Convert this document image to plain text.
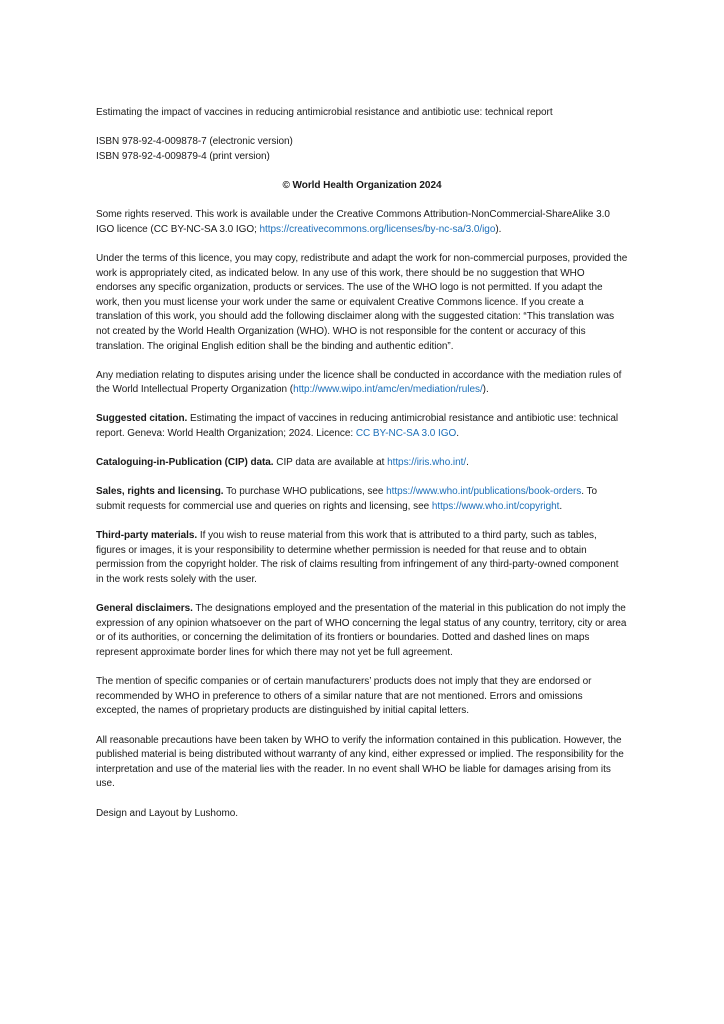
Estimating the impact of vaccines in reducing antimicrobial resistance and antibiotic use: technical report

ISBN 978-92-4-009878-7 (electronic version)

ISBN 978-92-4-009879-4 (print version)

© World Health Organization 2024

Some rights reserved. This work is available under the Creative Commons Attribution-NonCommercial-ShareAlike 3.0 IGO licence (CC BY-NC-SA 3.0 IGO; https://creativecommons.org/licenses/by-nc-sa/3.0/igo).

Under the terms of this licence, you may copy, redistribute and adapt the work for non-commercial purposes, provided the work is appropriately cited, as indicated below. In any use of this work, there should be no suggestion that WHO endorses any specific organization, products or services. The use of the WHO logo is not permitted. If you adapt the work, then you must license your work under the same or equivalent Creative Commons licence. If you create a translation of this work, you should add the following disclaimer along with the suggested citation: “This translation was not created by the World Health Organization (WHO). WHO is not responsible for the content or accuracy of this translation. The original English edition shall be the binding and authentic edition”.

Any mediation relating to disputes arising under the licence shall be conducted in accordance with the mediation rules of the World Intellectual Property Organization (http://www.wipo.int/amc/en/mediation/rules/).

Suggested citation. Estimating the impact of vaccines in reducing antimicrobial resistance and antibiotic use: technical report. Geneva: World Health Organization; 2024. Licence: CC BY-NC-SA 3.0 IGO.

Cataloguing-in-Publication (CIP) data. CIP data are available at https://iris.who.int/.

Sales, rights and licensing. To purchase WHO publications, see https://www.who.int/publications/book-orders. To submit requests for commercial use and queries on rights and licensing, see https://www.who.int/copyright.

Third-party materials. If you wish to reuse material from this work that is attributed to a third party, such as tables, figures or images, it is your responsibility to determine whether permission is needed for that reuse and to obtain permission from the copyright holder. The risk of claims resulting from infringement of any third-party-owned component in the work rests solely with the user.

General disclaimers. The designations employed and the presentation of the material in this publication do not imply the expression of any opinion whatsoever on the part of WHO concerning the legal status of any country, territory, city or area or of its authorities, or concerning the delimitation of its frontiers or boundaries. Dotted and dashed lines on maps represent approximate border lines for which there may not yet be full agreement.

The mention of specific companies or of certain manufacturers’ products does not imply that they are endorsed or recommended by WHO in preference to others of a similar nature that are not mentioned. Errors and omissions excepted, the names of proprietary products are distinguished by initial capital letters.

All reasonable precautions have been taken by WHO to verify the information contained in this publication. However, the published material is being distributed without warranty of any kind, either expressed or implied. The responsibility for the interpretation and use of the material lies with the reader. In no event shall WHO be liable for damages arising from its use.

Design and Layout by Lushomo.
